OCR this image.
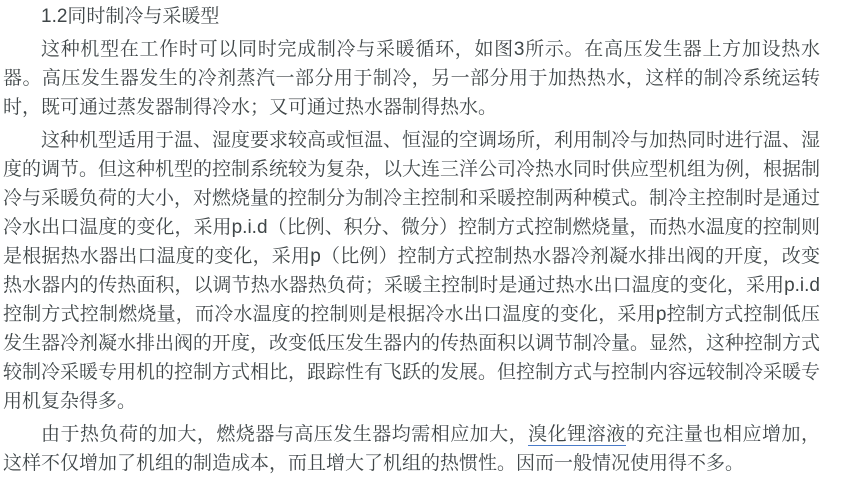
1.2同时制冷与采暖型

这种机型在工作时可以同时完成制冷与采暖循环，如图3所示。在高压发生器上方加设热水器。高压发生器发生的冷剂蒸汽一部分用于制冷，另一部分用于加热热水，这样的制冷系统运转时，既可通过蒸发器制得冷水；又可通过热水器制得热水。

这种机型适用于温、湿度要求较高或恒温、恒湿的空调场所，利用制冷与加热同时进行温、湿度的调节。但这种机型的控制系统较为复杂，以大连三洋公司冷热水同时供应型机组为例，根据制冷与采暖负荷的大小，对燃烧量的控制分为制冷主控制和采暖控制两种模式。制冷主控制时是通过冷水出口温度的变化，采用p.i.d（比例、积分、微分）控制方式控制燃烧量，而热水温度的控制则是根据热水器出口温度的变化，采用p（比例）控制方式控制热水器冷剂凝水排出阀的开度，改变热水器内的传热面积，以调节热水器热负荷；采暖主控制时是通过热水出口温度的变化，采用p.i.d控制方式控制燃烧量，而冷水温度的控制则是根据冷水出口温度的变化，采用p控制方式控制低压发生器冷剂凝水排出阀的开度，改变低压发生器内的传热面积以调节制冷量。显然，这种控制方式较制冷采暖专用机的控制方式相比，跟踪性有飞跃的发展。但控制方式与控制内容远较制冷采暖专用机复杂得多。

由于热负荷的加大，燃烧器与高压发生器均需相应加大，溴化锂溶液的充注量也相应增加，这样不仅增加了机组的制造成本，而且增大了机组的热惯性。因而一般情况使用得不多。
